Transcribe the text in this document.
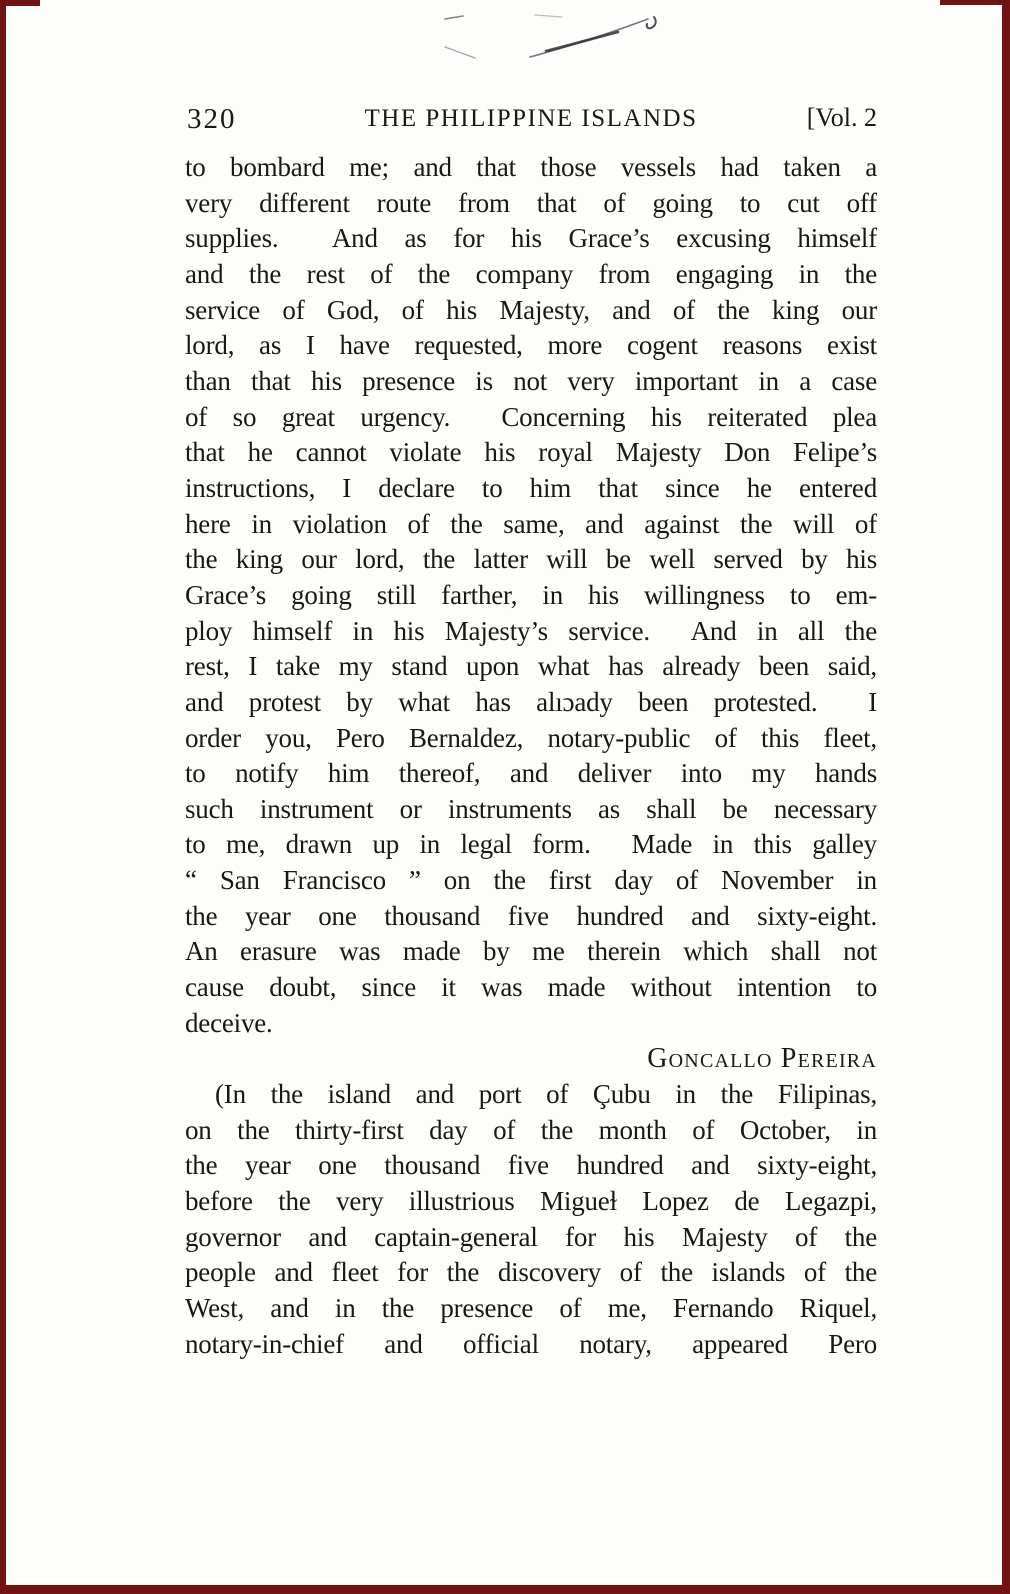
320	THE PHILIPPINE ISLANDS	[Vol. 2
to bombard me; and that those vessels had taken a
very different route from that of going to cut off
supplies.  And as for his Grace’s excusing himself
and the rest of the company from engaging in the
service of God, of his Majesty, and of the king our
lord, as I have requested, more cogent reasons exist
than that his presence is not very important in a case
of so great urgency.  Concerning his reiterated plea
that he cannot violate his royal Majesty Don Felipe’s
instructions, I declare to him that since he entered
here in violation of the same, and against the will of
the king our lord, the latter will be well served by his
Grace’s going still farther, in his willingness to em-
ploy himself in his Majesty’s service.  And in all the
rest, I take my stand upon what has already been said,
and protest by what has alıɔady been protested.  I
order you, Pero Bernaldez, notary-public of this fleet,
to notify him thereof, and deliver into my hands
such instrument or instruments as shall be necessary
to me, drawn up in legal form.  Made in this galley
“ San Francisco ” on the first day of November in
the year one thousand five hundred and sixty-eight.
An erasure was made by me therein which shall not
cause doubt, since it was made without intention to
deceive.
Goncallo Pereira
(In the island and port of Çubu in the Filipinas,
on the thirty-first day of the month of October, in
the year one thousand five hundred and sixty-eight,
before the very illustrious Migueɫ Lopez de Legazpi,
governor and captain-general for his Majesty of the
people and fleet for the discovery of the islands of the
West, and in the presence of me, Fernando Riquel,
notary-in-chief and official notary, appeared Pero
